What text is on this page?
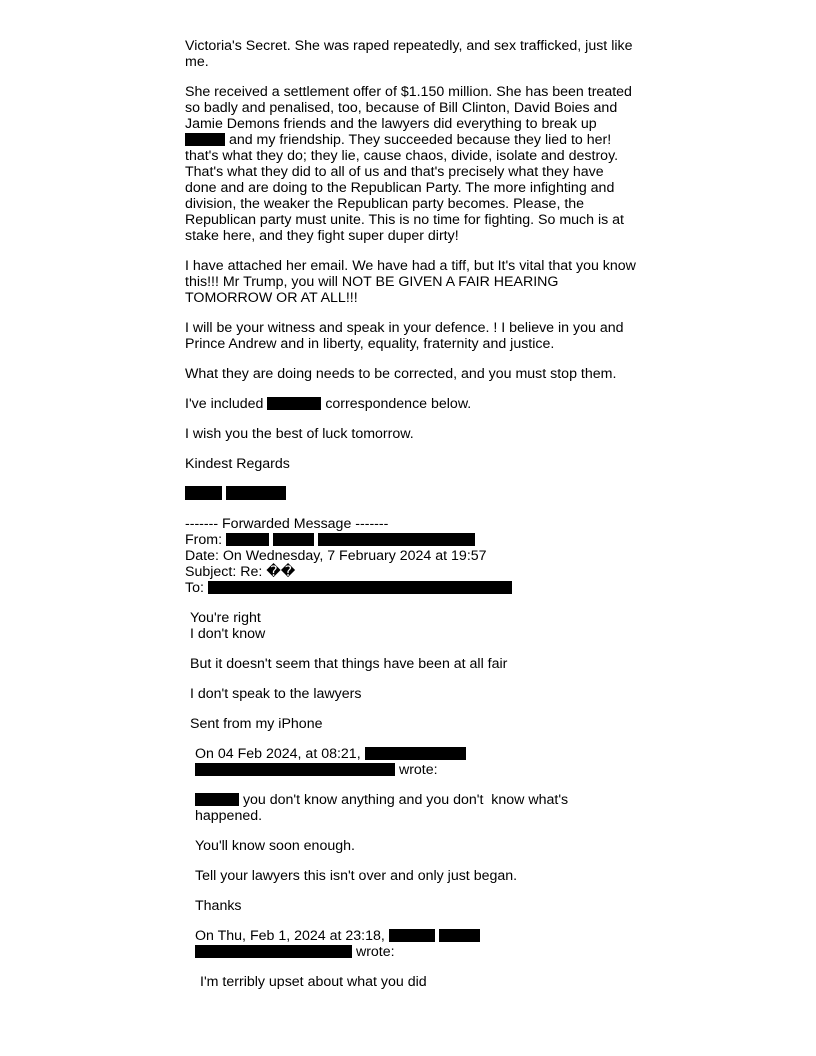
Victoria's Secret. She was raped repeatedly, and sex trafficked, just like
me.
She received a settlement offer of $1.150 million. She has been treated
so badly and penalised, too, because of Bill Clinton, David Boies and
Jamie Demons friends and the lawyers did everything to break up
and my friendship. They succeeded because they lied to her!
that's what they do; they lie, cause chaos, divide, isolate and destroy.
That's what they did to all of us and that's precisely what they have
done and are doing to the Republican Party. The more infighting and
division, the weaker the Republican party becomes. Please, the
Republican party must unite. This is no time for fighting. So much is at
stake here, and they fight super duper dirty!
I have attached her email. We have had a tiff, but It's vital that you know
this!!! Mr Trump, you will NOT BE GIVEN A FAIR HEARING
TOMORROW OR AT ALL!!!
I will be your witness and speak in your defence. ! I believe in you and
Prince Andrew and in liberty, equality, fraternity and justice.
What they are doing needs to be corrected, and you must stop them.
I've included	correspondence below.
I wish you the best of luck tomorrow.
Kindest Regards

------- Forwarded Message -------
From:
Date: On Wednesday, 7 February 2024 at 19:57
Subject: Re: ��
To:
You're right
I don't know
But it doesn't seem that things have been at all fair
I don't speak to the lawyers
Sent from my iPhone
On 04 Feb 2024, at 08:21,
wrote:
you don't know anything and you don't  know what's
happened.
You'll know soon enough.
Tell your lawyers this isn't over and only just began.
Thanks
On Thu, Feb 1, 2024 at 23:18,
wrote:
I'm terribly upset about what you did
